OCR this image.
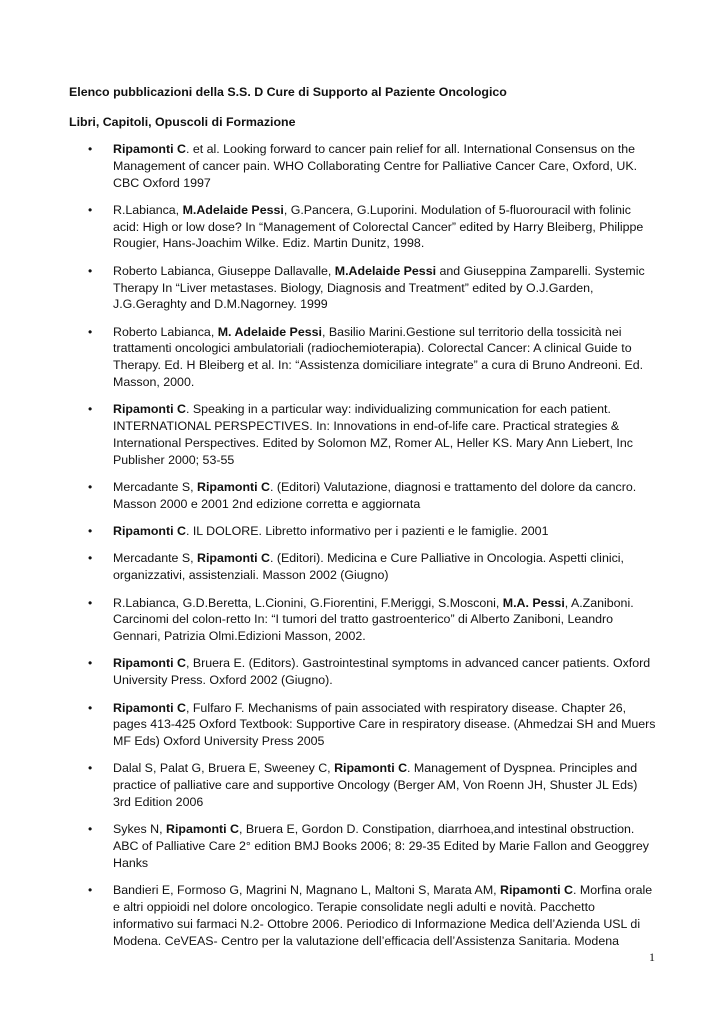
Elenco pubblicazioni della S.S. D Cure di Supporto al Paziente Oncologico
Libri, Capitoli, Opuscoli di Formazione
• Ripamonti C. et al. Looking forward to cancer pain relief for all. International Consensus on the Management of cancer pain. WHO Collaborating Centre for Palliative Cancer Care, Oxford, UK. CBC Oxford 1997
• R.Labianca, M.Adelaide Pessi, G.Pancera, G.Luporini. Modulation of 5-fluorouracil with folinic acid: High or low dose? In “Management of Colorectal Cancer” edited by Harry Bleiberg, Philippe Rougier, Hans-Joachim Wilke. Ediz. Martin Dunitz, 1998.
• Roberto Labianca, Giuseppe Dallavalle, M.Adelaide Pessi and Giuseppina Zamparelli. Systemic Therapy In “Liver metastases. Biology, Diagnosis and Treatment” edited by O.J.Garden, J.G.Geraghty and D.M.Nagorney. 1999
• Roberto Labianca, M. Adelaide Pessi, Basilio Marini.Gestione sul territorio della tossicità nei trattamenti oncologici ambulatoriali (radiochemioterapia). Colorectal Cancer: A clinical Guide to Therapy. Ed. H Bleiberg et al. In: “Assistenza domiciliare integrate” a cura di Bruno Andreoni. Ed. Masson, 2000.
• Ripamonti C. Speaking in a particular way: individualizing communication for each patient. INTERNATIONAL PERSPECTIVES. In: Innovations in end-of-life care. Practical strategies & International Perspectives. Edited by Solomon MZ, Romer AL, Heller KS. Mary Ann Liebert, Inc Publisher 2000; 53-55
• Mercadante S, Ripamonti C. (Editori) Valutazione, diagnosi e trattamento del dolore da cancro. Masson 2000 e 2001 2nd edizione corretta e aggiornata
• Ripamonti C. IL DOLORE. Libretto informativo per i pazienti e le famiglie. 2001
• Mercadante S, Ripamonti C. (Editori). Medicina e Cure Palliative in Oncologia. Aspetti clinici, organizzativi, assistenziali. Masson 2002 (Giugno)
• R.Labianca, G.D.Beretta, L.Cionini, G.Fiorentini, F.Meriggi, S.Mosconi, M.A. Pessi, A.Zaniboni. Carcinomi del colon-retto In: “I tumori del tratto gastroenterico” di Alberto Zaniboni, Leandro Gennari, Patrizia Olmi.Edizioni Masson, 2002.
• Ripamonti C, Bruera E. (Editors). Gastrointestinal symptoms in advanced cancer patients. Oxford University Press. Oxford 2002 (Giugno).
• Ripamonti C, Fulfaro F. Mechanisms of pain associated with respiratory disease. Chapter 26, pages 413-425 Oxford Textbook: Supportive Care in respiratory disease. (Ahmedzai SH and Muers MF Eds) Oxford University Press 2005
• Dalal S, Palat G, Bruera E, Sweeney C, Ripamonti C. Management of Dyspnea. Principles and practice of palliative care and supportive Oncology (Berger AM, Von Roenn JH, Shuster JL Eds) 3rd Edition 2006
• Sykes N, Ripamonti C, Bruera E, Gordon D. Constipation, diarrhoea,and intestinal obstruction. ABC of Palliative Care 2° edition BMJ Books 2006; 8: 29-35 Edited by Marie Fallon and Geoggrey Hanks
• Bandieri E, Formoso G, Magrini N, Magnano L, Maltoni S, Marata AM, Ripamonti C. Morfina orale e altri oppioidi nel dolore oncologico. Terapie consolidate negli adulti e novità. Pacchetto informativo sui farmaci N.2- Ottobre 2006. Periodico di Informazione Medica dell’Azienda USL di Modena. CeVEAS- Centro per la valutazione dell’efficacia dell’Assistenza Sanitaria. Modena
1
